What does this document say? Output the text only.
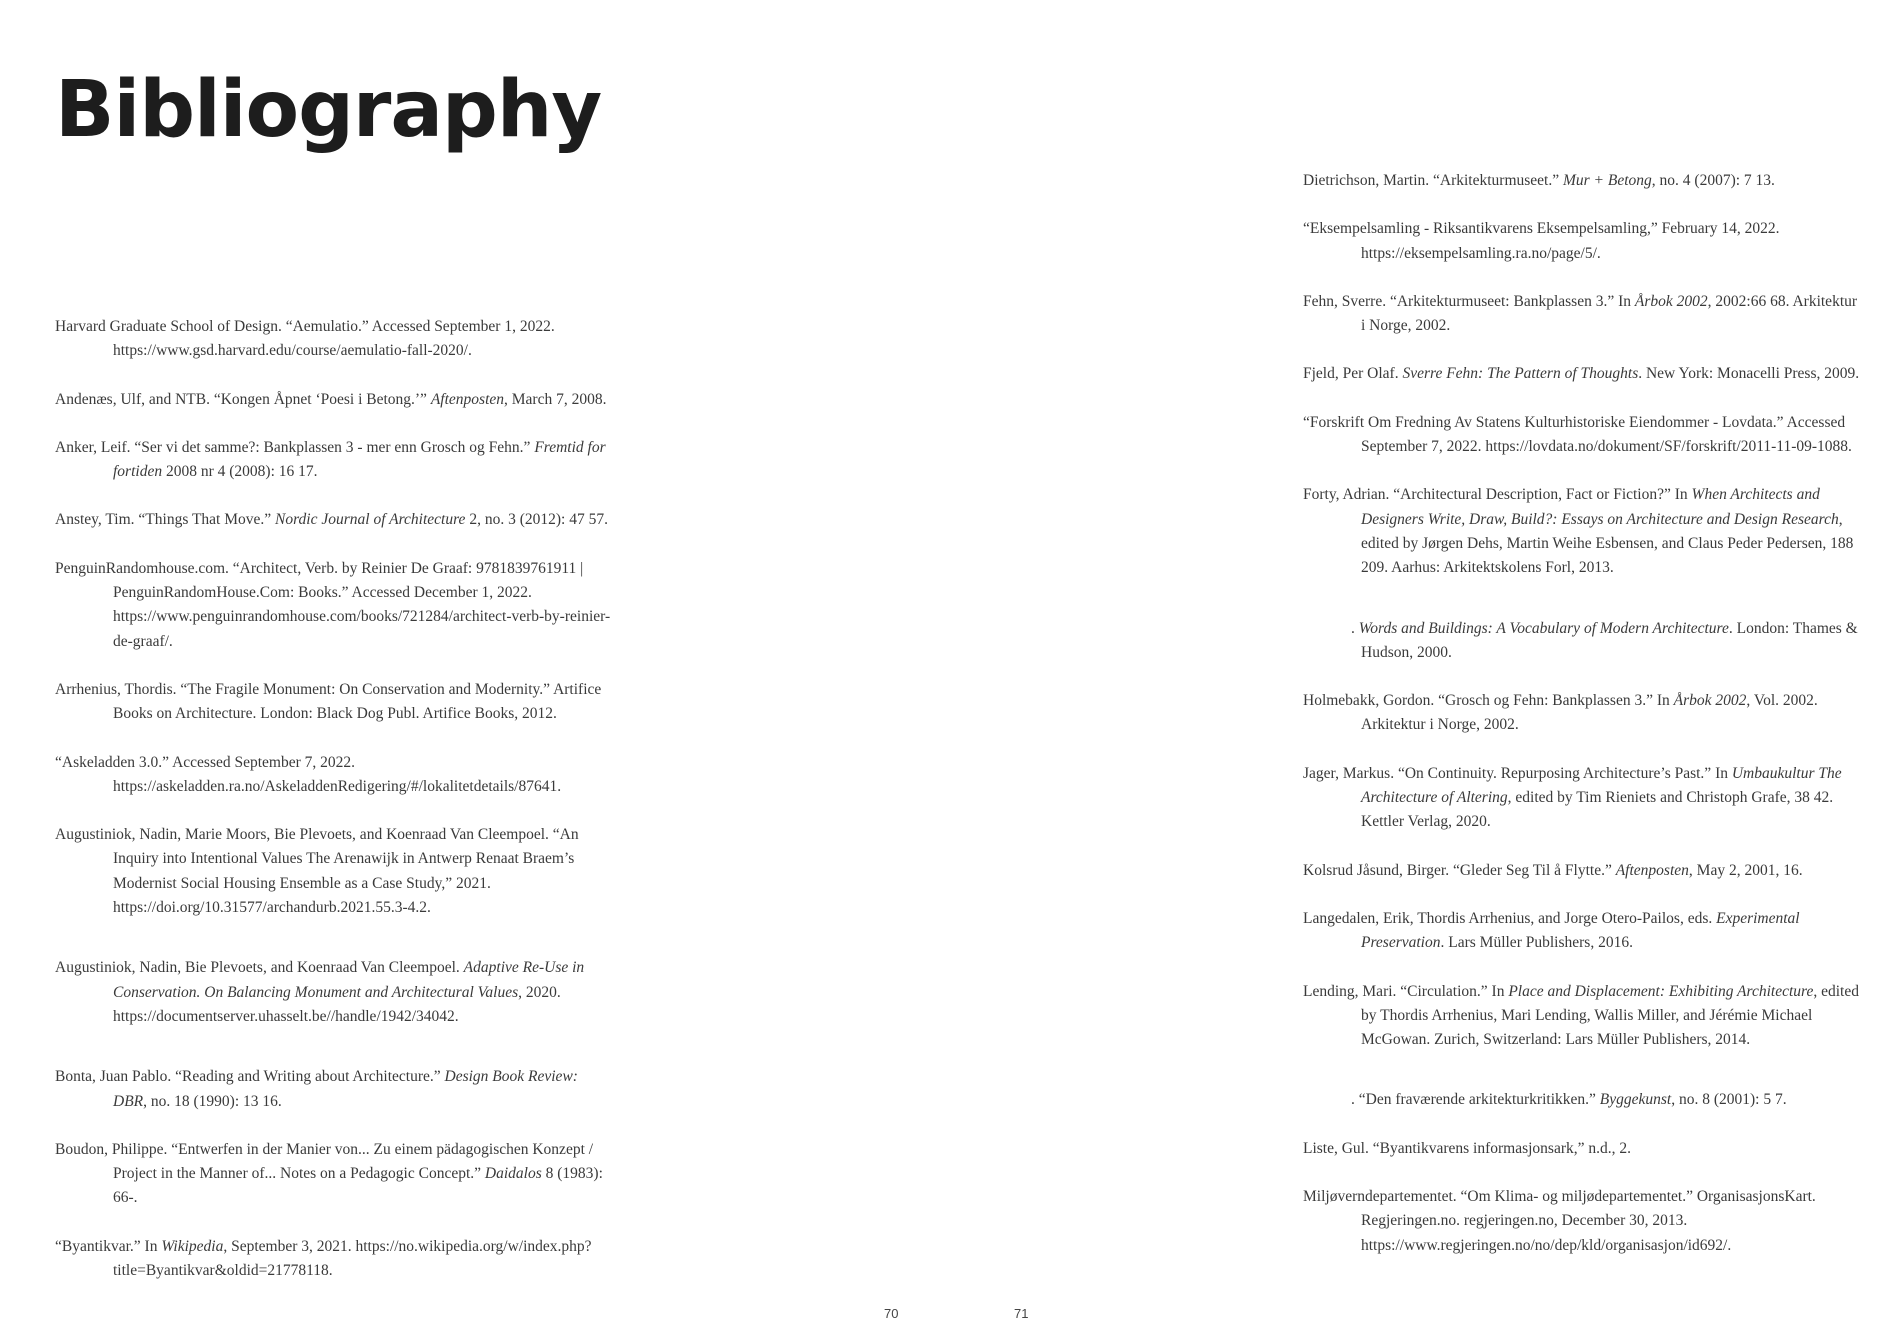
Bibliography
Harvard Graduate School of Design. “Aemulatio.” Accessed September 1, 2022. https://www.gsd.harvard.edu/course/aemulatio-fall-2020/.
Andenæs, Ulf, and NTB. “Kongen Åpnet ‘Poesi i Betong.’” Aftenposten, March 7, 2008.
Anker, Leif. “Ser vi det samme?: Bankplassen 3 - mer enn Grosch og Fehn.” Fremtid for fortiden 2008 nr 4 (2008): 16 17.
Anstey, Tim. “Things That Move.” Nordic Journal of Architecture 2, no. 3 (2012): 47 57.
PenguinRandomhouse.com. “Architect, Verb. by Reinier De Graaf: 9781839761911 | PenguinRandomHouse.Com: Books.” Accessed December 1, 2022. https://www.penguinrandomhouse.com/books/721284/architect-verb-by-reinier-de-graaf/.
Arrhenius, Thordis. “The Fragile Monument: On Conservation and Modernity.” Artifice Books on Architecture. London: Black Dog Publ. Artifice Books, 2012.
“Askeladden 3.0.” Accessed September 7, 2022. https://askeladden.ra.no/AskeladdenRedigering/#/lokalitetdetails/87641.
Augustiniok, Nadin, Marie Moors, Bie Plevoets, and Koenraad Van Cleempoel. “An Inquiry into Intentional Values The Arenawijk in Antwerp Renaat Braem’s Modernist Social Housing Ensemble as a Case Study,” 2021. https://doi.org/10.31577/archandurb.2021.55.3-4.2.
Augustiniok, Nadin, Bie Plevoets, and Koenraad Van Cleempoel. Adaptive Re-Use in Conservation. On Balancing Monument and Architectural Values, 2020. https://documentserver.uhasselt.be//handle/1942/34042.
Bonta, Juan Pablo. “Reading and Writing about Architecture.” Design Book Review: DBR, no. 18 (1990): 13 16.
Boudon, Philippe. “Entwerfen in der Manier von... Zu einem pädagogischen Konzept / Project in the Manner of... Notes on a Pedagogic Concept.” Daidalos 8 (1983): 66-.
“Byantikvar.” In Wikipedia, September 3, 2021. https://no.wikipedia.org/w/index.php?title=Byantikvar&oldid=21778118.
Dietrichson, Martin. “Arkitekturmuseet.” Mur + Betong, no. 4 (2007): 7 13.
“Eksempelsamling - Riksantikvarens Eksempelsamling,” February 14, 2022. https://eksempelsamling.ra.no/page/5/.
Fehn, Sverre. “Arkitekturmuseet: Bankplassen 3.” In Årbok 2002, 2002:66 68. Arkitektur i Norge, 2002.
Fjeld, Per Olaf. Sverre Fehn: The Pattern of Thoughts. New York: Monacelli Press, 2009.
“Forskrift Om Fredning Av Statens Kulturhistoriske Eiendommer - Lovdata.” Accessed September 7, 2022. https://lovdata.no/dokument/SF/forskrift/2011-11-09-1088.
Forty, Adrian. “Architectural Description, Fact or Fiction?” In When Architects and Designers Write, Draw, Build?: Essays on Architecture and Design Research, edited by Jørgen Dehs, Martin Weihe Esbensen, and Claus Peder Pedersen, 188 209. Aarhus: Arkitektskolens Forl, 2013.
. Words and Buildings: A Vocabulary of Modern Architecture. London: Thames & Hudson, 2000.
Holmebakk, Gordon. “Grosch og Fehn: Bankplassen 3.” In Årbok 2002, Vol. 2002. Arkitektur i Norge, 2002.
Jager, Markus. “On Continuity. Repurposing Architecture’s Past.” In Umbaukultur The Architecture of Altering, edited by Tim Rieniets and Christoph Grafe, 38 42. Kettler Verlag, 2020.
Kolsrud Jåsund, Birger. “Gleder Seg Til å Flytte.” Aftenposten, May 2, 2001, 16.
Langedalen, Erik, Thordis Arrhenius, and Jorge Otero-Pailos, eds. Experimental Preservation. Lars Müller Publishers, 2016.
Lending, Mari. “Circulation.” In Place and Displacement: Exhibiting Architecture, edited by Thordis Arrhenius, Mari Lending, Wallis Miller, and Jérémie Michael McGowan. Zurich, Switzerland: Lars Müller Publishers, 2014.
. “Den fraværende arkitekturkritikken.” Byggekunst, no. 8 (2001): 5 7.
Liste, Gul. “Byantikvarens informasjonsark,” n.d., 2.
Miljøverndepartementet. “Om Klima- og miljødepartementet.” OrganisasjonsKart. Regjeringen.no. regjeringen.no, December 30, 2013. https://www.regjeringen.no/no/dep/kld/organisasjon/id692/.
70	71
